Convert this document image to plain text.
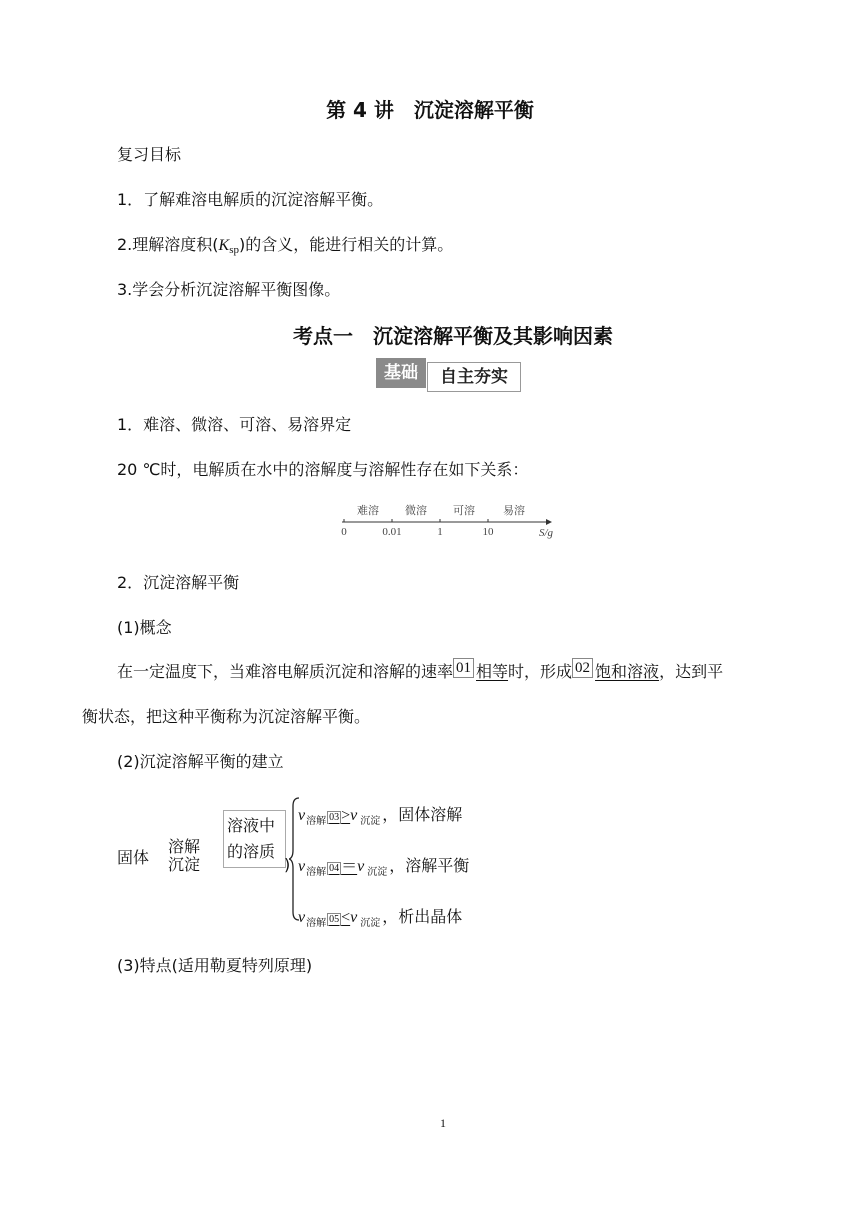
第 4 讲　沉淀溶解平衡
复习目标
1．了解难溶电解质的沉淀溶解平衡。
2.理解溶度积(Ksp)的含义，能进行相关的计算。
3.学会分析沉淀溶解平衡图像。
考点一　沉淀溶解平衡及其影响因素
基础	自主夯实
1．难溶、微溶、可溶、易溶界定
20 ℃时，电解质在水中的溶解度与溶解性存在如下关系：
难溶 微溶 可溶	易溶
0	0.01	1	10	S/g
2．沉淀溶解平衡
(1)概念
在一定温度下，当难溶电解质沉淀和溶解的速率 01 相等时，形成 02 饱和溶液，达到平
衡状态，把这种平衡称为沉淀溶解平衡。
(2)沉淀溶解平衡的建立
固体
溶解
沉淀
溶液中
的溶质
)
$v_{溶解}$ 03 >v $_{沉淀}$ ，固体溶解
$v_{溶解}$ 04 ＝v $_{沉淀}$ ，溶解平衡
$v_{溶解}$ 05 <v $_{沉淀}$ ，析出晶体
(3)特点(适用勒夏特列原理)
1
